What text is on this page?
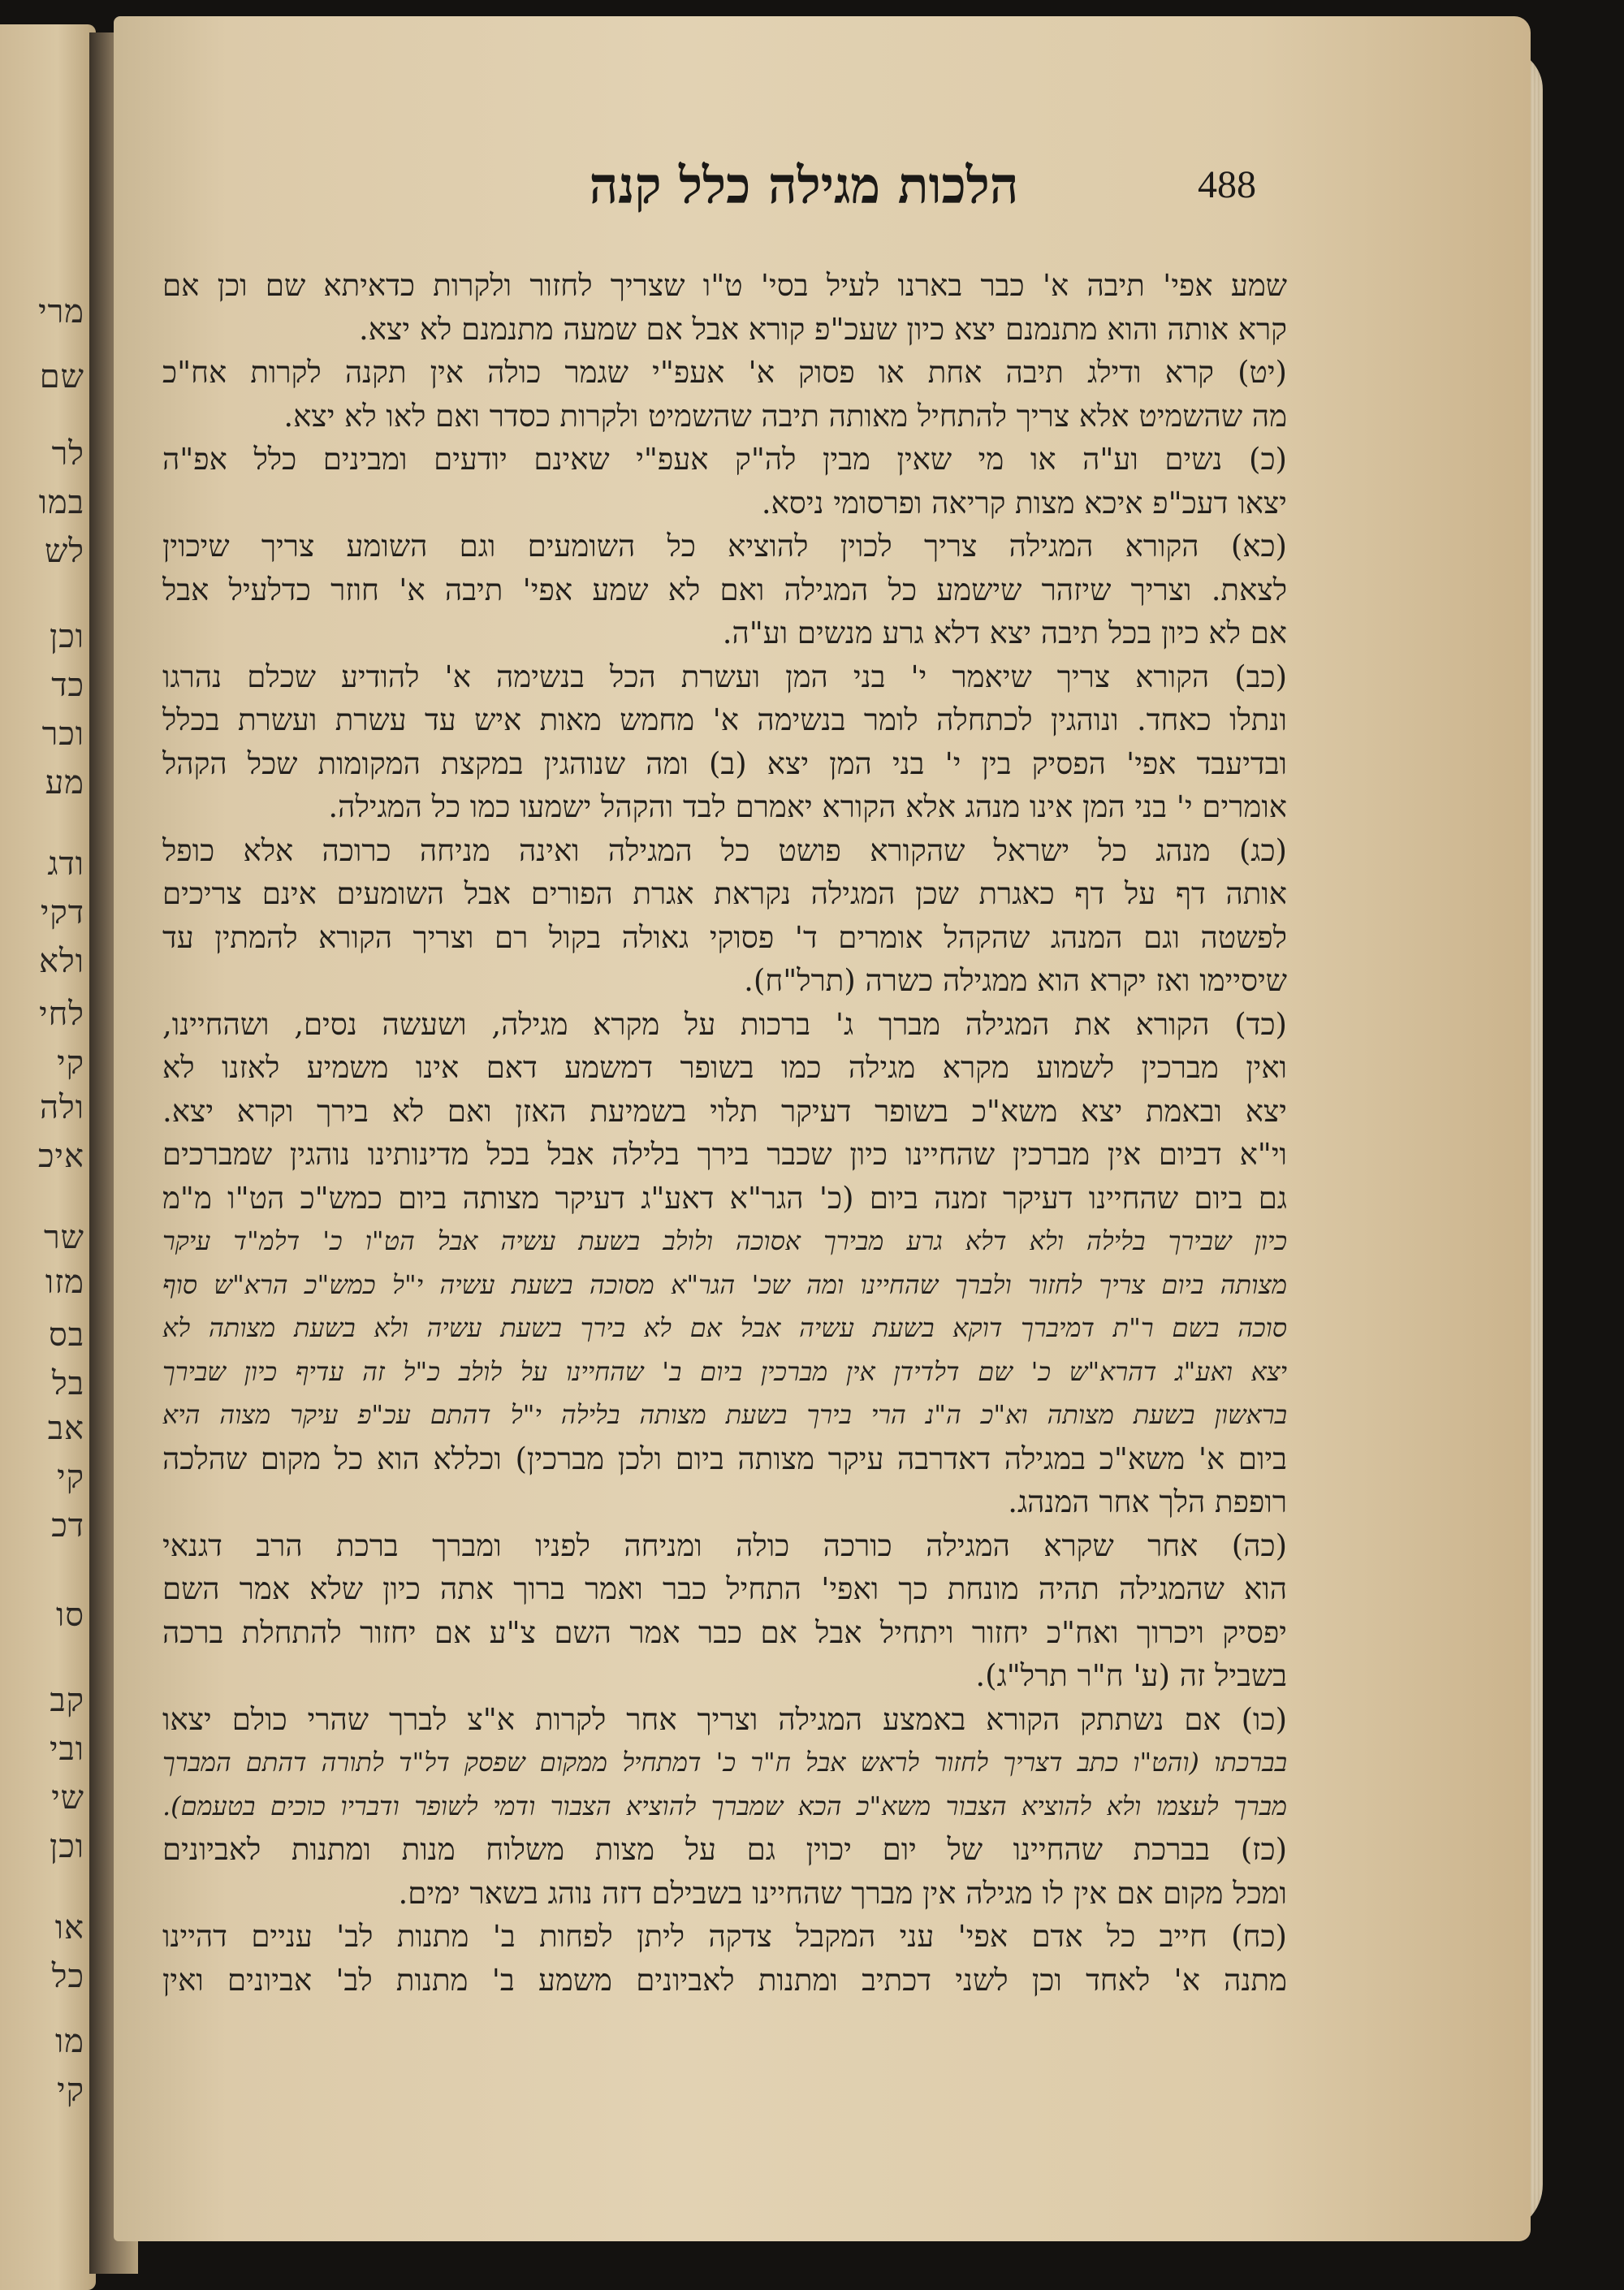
מרי
שם
לר
במו
לש
וכן
כד
וכר
מע
ודג
דקי
ולא
לחי
קי
ולה
איכ
שר
מזו
בס
בל
אב
קי
דכ
סו
קב
ובי
שי
וכן
או
כל
מו
קי
הלכות מגילה כלל קנה	488
שמע אפי' תיבה א' כבר בארנו לעיל בסי' ט"ו שצריך לחזור ולקרות כדאיתא שם וכן אם
קרא אותה והוא מתנמנם יצא כיון שעכ"פ קורא אבל אם שמעה מתנמנם לא יצא.
(יט) קרא ודילג תיבה אחת או פסוק א' אעפ"י שגמר כולה אין תקנה לקרות אח"כ
מה שהשמיט אלא צריך להתחיל מאותה תיבה שהשמיט ולקרות כסדר ואם לאו לא יצא.
(כ) נשים וע"ה או מי שאין מבין לה"ק אעפ"י שאינם יודעים ומבינים כלל אפ"ה
יצאו דעכ"פ איכא מצות קריאה ופרסומי ניסא.
(כא) הקורא המגילה צריך לכוין להוציא כל השומעים וגם השומע צריך שיכוין
לצאת. וצריך שיזהר שישמע כל המגילה ואם לא שמע אפי' תיבה א' חוזר כדלעיל אבל
אם לא כיון בכל תיבה יצא דלא גרע מנשים וע"ה.
(כב) הקורא צריך שיאמר י' בני המן ועשרת הכל בנשימה א' להודיע שכלם נהרגו
ונתלו כאחד. ונוהגין לכתחלה לומר בנשימה א' מחמש מאות איש עד עשרת ועשרת בכלל
ובדיעבד אפי' הפסיק בין י' בני המן יצא (ב) ומה שנוהגין במקצת המקומות שכל הקהל
אומרים י' בני המן אינו מנהג אלא הקורא יאמרם לבד והקהל ישמעו כמו כל המגילה.
(כג) מנהג כל ישראל שהקורא פושט כל המגילה ואינה מניחה כרוכה אלא כופל
אותה דף על דף כאגרת שכן המגילה נקראת אגרת הפורים אבל השומעים אינם צריכים
לפשטה וגם המנהג שהקהל אומרים ד' פסוקי גאולה בקול רם וצריך הקורא להמתין עד
שיסיימו ואז יקרא הוא ממגילה כשרה (תרל"ח).
(כד) הקורא את המגילה מברך ג' ברכות על מקרא מגילה, ושעשה נסים, ושהחיינו,
ואין מברכין לשמוע מקרא מגילה כמו בשופר דמשמע דאם אינו משמיע לאזנו לא
יצא ובאמת יצא משא"כ בשופר דעיקר תלוי בשמיעת האזן ואם לא בירך וקרא יצא.
וי"א דביום אין מברכין שהחיינו כיון שכבר בירך בלילה אבל בכל מדינותינו נוהגין שמברכים
גם ביום שהחיינו דעיקר זמנה ביום (כ' הגר"א דאע"ג דעיקר מצותה ביום כמש"כ הט"ו מ"מ
כיון שבירך בלילה ולא דלא גרע מבירך אסוכה ולולב בשעת עשיה אבל הט"ו כ' דלמ"ד עיקר
מצותה ביום צריך לחזור ולברך שהחיינו ומה שכ' הגר"א מסוכה בשעת עשיה י"ל כמש"כ הרא"ש סוף
סוכה בשם ר"ת דמיברך דוקא בשעת עשיה אבל אם לא בירך בשעת עשיה ולא בשעת מצותה לא
יצא ואע"ג דהרא"ש כ' שם דלדידן אין מברכין ביום ב' שהחיינו על לולב כ"ל זה עדיף כיון שבירך
בראשון בשעת מצותה וא"כ ה"נ הרי בירך בשעת מצותה בלילה י"ל דהתם עכ"פ עיקר מצוה היא
ביום א' משא"כ במגילה דאדרבה עיקר מצותה ביום ולכן מברכין) וכללא הוא כל מקום שהלכה
רופפת הלך אחר המנהג.
(כה) אחר שקרא המגילה כורכה כולה ומניחה לפניו ומברך ברכת הרב דגנאי
הוא שהמגילה תהיה מונחת כך ואפי' התחיל כבר ואמר ברוך אתה כיון שלא אמר השם
יפסיק ויכרוך ואח"כ יחזור ויתחיל אבל אם כבר אמר השם צ"ע אם יחזור להתחלת ברכה
בשביל זה (ע' ח"ר תרל"ג).
(כו) אם נשתתק הקורא באמצע המגילה וצריך אחר לקרות א"צ לברך שהרי כולם יצאו
בברכתו (והט"ו כתב דצריך לחזור לראש אבל ח"ר כ' דמתחיל ממקום שפסק דל"ד לתורה דהתם המברך
מברך לעצמו ולא להוציא הצבור משא"כ הכא שמברך להוציא הצבור ודמי לשופר ודבריו כוכים בטעמם).
(כז) בברכת שהחיינו של יום יכוין גם על מצות משלוח מנות ומתנות לאביונים
ומכל מקום אם אין לו מגילה אין מברך שהחיינו בשבילם דזה נוהג בשאר ימים.
(כח) חייב כל אדם אפי' עני המקבל צדקה ליתן לפחות ב' מתנות לב' עניים דהיינו
מתנה א' לאחד וכן לשני דכתיב ומתנות לאביונים משמע ב' מתנות לב' אביונים ואין
